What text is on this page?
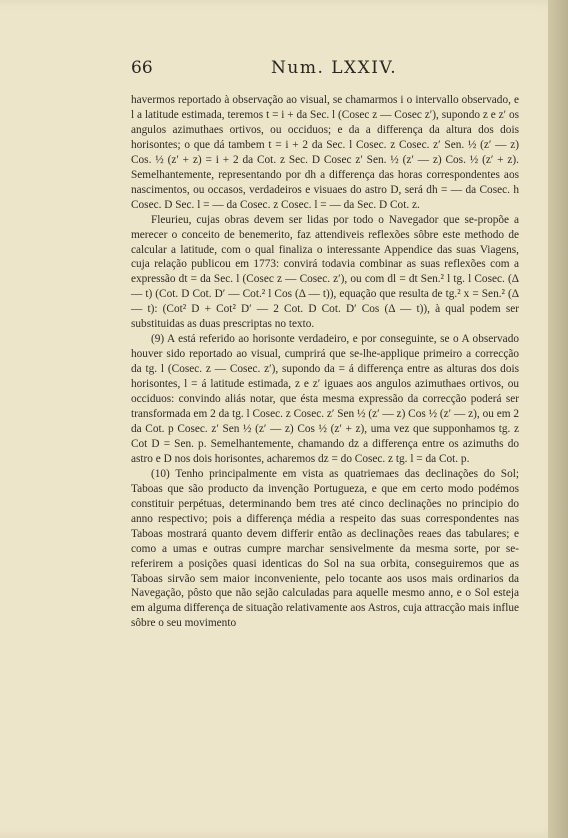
66	Num. LXXIV.

havermos reportado à observação ao visual, se chamarmos i o intervallo observado, e l a latitude estimada, teremos t = i + da Sec. l (Cosec z — Cosec z′), supondo z e z′ os angulos azimuthaes ortivos, ou occiduos; e da a differença da altura dos dois horisontes; o que dá tambem t = i + 2 da Sec. l Cosec. z Cosec. z′ Sen. ½ (z′ — z) Cos. ½ (z′ + z) = i + 2 da Cot. z Sec. D Cosec z′ Sen. ½ (z′ — z) Cos. ½ (z′ + z). Semelhantemente, representando por dh a differença das horas correspondentes aos nascimentos, ou occasos, verdadeiros e visuaes do astro D, será dh = — da Cosec. h Cosec. D Sec. l = — da Cosec. z Cosec. l = — da Sec. D Cot. z.

Fleurieu, cujas obras devem ser lidas por todo o Navegador que se-propõe a merecer o conceito de benemerito, faz attendiveis reflexões sôbre este methodo de calcular a latitude, com o qual finaliza o interessante Appendice das suas Viagens, cuja relação publicou em 1773: convirá todavia combinar as suas reflexões com a expressão dt = da Sec. l (Cosec z — Cosec. z′), ou com dl = dt Sen.² l tg. l Cosec. (Δ — t) (Cot. D Cot. D′ — Cot.² l Cos (Δ — t)), equação que resulta de tg.² x = Sen.² (Δ — t): (Cot² D + Cot² D′ — 2 Cot. D Cot. D′ Cos (Δ — t)), à qual podem ser substituidas as duas prescriptas no texto.

(9) A está referido ao horisonte verdadeiro, e por conseguinte, se o A observado houver sido reportado ao visual, cumprirá que se-lhe-applique primeiro a correcção da tg. l (Cosec. z — Cosec. z′), supondo da = á differença entre as alturas dos dois horisontes, l = á latitude estimada, z e z′ iguaes aos angulos azimuthaes ortivos, ou occiduos: convindo aliás notar, que ésta mesma expressão da correcção poderá ser transformada em 2 da tg. l Cosec. z Cosec. z′ Sen ½ (z′ — z) Cos ½ (z′ — z), ou em 2 da Cot. p Cosec. z′ Sen ½ (z′ — z) Cos ½ (z′ + z), uma vez que supponhamos tg. z Cot D = Sen. p. Semelhantemente, chamando dz a differença entre os azimuths do astro e D nos dois horisontes, acharemos dz = do Cosec. z tg. l = da Cot. p.

(10) Tenho principalmente em vista as quatriemaes das declinações do Sol; Taboas que são producto da invenção Portugueza, e que em certo modo podémos constituir perpétuas, determinando bem tres até cinco declinações no principio do anno respectivo; pois a differença média a respeito das suas correspondentes nas Taboas mostrará quanto devem differir então as declinações reaes das tabulares; e como a umas e outras cumpre marchar sensivelmente da mesma sorte, por se-referirem a posições quasi identicas do Sol na sua orbita, conseguiremos que as Taboas sirvão sem maior inconveniente, pelo tocante aos usos mais ordinarios da Navegação, pôsto que não sejão calculadas para aquelle mesmo anno, e o Sol esteja em alguma differença de situação relativamente aos Astros, cuja attracção mais influe sôbre o seu movimento
